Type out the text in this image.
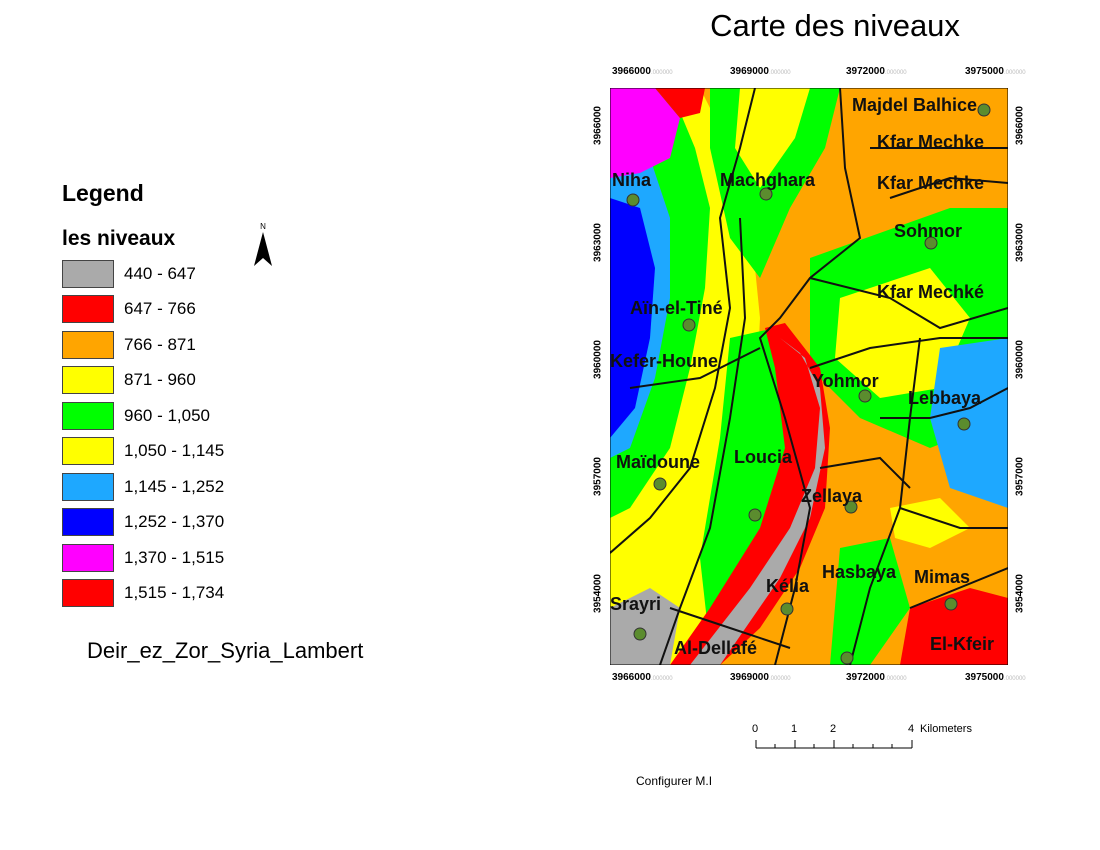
Carte des niveaux
Legend
les niveaux
440 - 647
647 - 766
766 - 871
871 - 960
960 - 1,050
1,050 - 1,145
1,145 - 1,252
1,252 - 1,370
1,370 - 1,515
1,515 - 1,734
N
Deir_ez_Zor_Syria_Lambert
3966000.000000	3969000.000000	3972000.000000	3975000.000000
3966000.000000	3969000.000000	3972000.000000	3975000.000000
3966000
3963000
3960000
3957000
3954000
3966000
3963000
3960000
3957000
3954000
Majdel Balhice
Kfar Mechke
Kfar Mechke
Niha	Machghara
Sohmor
Kfar Mechké
Aïn-el-Tiné
Kefer-Houne
Yohmor
Lebbaya
Maïdoune Loucia
Zellaya
Hasbaya Mimas
Kélia
Srayri
Al-Dellafé	El-Kfeir
0	1	2	4 Kilometers
Configurer M.I
